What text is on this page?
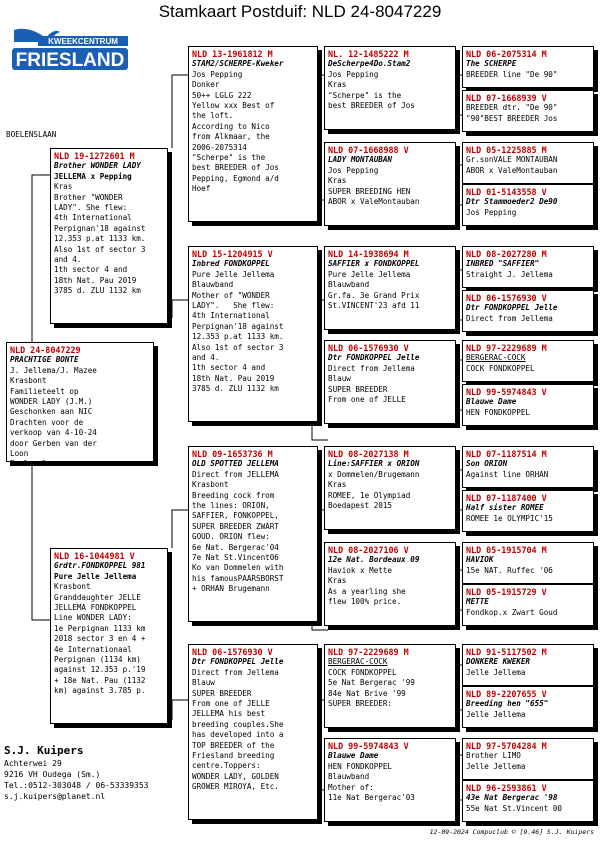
Stamkaart Postduif: NLD 24-8047229
KWEEKCENTRUM
FRIESLAND
BOELENSLAAN
NLD 24-8047229
PRACHTIGE BONTE
J. Jellema/J. Mazee
Krasbont
Familieteelt op
WONDER LADY (J.M.)
Geschonken aan NIC
Drachten voor de
verkoop van 4-10-24
door Gerben van der
Loon
Boelenslaan
NLD 19-1272601 M
Brother WONDER LADY
JELLEMA x Pepping
Kras
Brother "WONDER
LADY". She flew:
4th International
Perpignan'18 against
12.353 p.at 1133 km.
Also 1st of sector 3
and 4.
1th sector 4 and
18th Nat. Pau 2019
3785 d. ZLU 1132 km
NLD 16-1044981 V
Grdtr.FONDKOPPEL 981
Pure Jelle Jellema
Krasbont
Granddaughter JELLE
JELLEMA FONDKOPPEL
Line WONDER LADY:
1e Perpignan 1133 km
2018 sector 3 en 4 +
4e Internationaal
Perpignan (1134 km)
against 12.353 p.'19
+ 18e Nat. Pau (1132
km) against 3.785 p.
NLD 13-1961812 M
STAM2/SCHERPE-Kweker
Jos Pepping
Donker
50++ LGLG 222
Yellow xxx Best of
the loft.
According to Nico
from Alkmaar, the
2006-2075314
"Scherpe" is the
best BREEDER of Jos
Pepping, Egmond a/d
Hoef
NLD 15-1204915 V
Inbred FONDKOPPEL
Pure Jelle Jellema
Blauwband
Mother of "WONDER
LADY".   She flew:
4th International
Perpignan'18 against
12.353 p.at 1133 km.
Also 1st of sector 3
and 4.
1th sector 4 and
18th Nat. Pau 2019
3785 d. ZLU 1132 km
NLD 09-1653736 M
OLD SPOTTED JELLEMA
Direct from JELLEMA
Krasbont
Breeding cock from
the lines: ORION,
SAFFIER, FONKOPPEL,
SUPER BREEDER ZWART
GOUD. ORION flew:
6e Nat. Bergerac'04
7e Nat St.Vincent06
Ko van Dommelen with
his famousPAARSBORST
+ ORHAN Brugemann
NLD 06-1576930 V
Dtr FONDKOPPEL Jelle
Direct from Jellema
Blauw
SUPER BREEDER
From one of JELLE
JELLEMA his best
breeding couples.She
has developed into a
TOP BREEDER of the
Friesland breeding
centre.Toppers:
WONDER LADY, GOLDEN
GROWER MIROYA, Etc.
NL. 12-1485222 M
DeScherpe4Do.Stam2
Jos Pepping
Kras
"Scherpe" is the
best BREEDER of Jos
NLD 07-1668988 V
LADY MONTAUBAN
Jos Pepping
Kras
SUPER BREEDING HEN
ABOR x ValeMontauban
NLD 14-1938694 M
SAFFIER x FONDKOPPEL
Pure Jelle Jellema
Blauwband
Gr.fa. 3e Grand Prix
St.VINCENT'23 afd 11
NLD 06-1576930 V
Dtr FONDKOPPEL Jelle
Direct from Jellema
Blauw
SUPER BREEDER
From one of JELLE
NLD 08-2027138 M
Line:SAFFIER x ORION
x Dommelen/Brugemann
Kras
ROMEE, 1e Olympiad
Boedapest 2015
NLD 08-2027106 V
12e Nat. Bordeaux 09
Haviok x Mette
Kras
As a yearling she
flew 100% price.
NLD 97-2229689 M
BERGERAC-COCK
COCK FONDKOPPEL
5e Nat Bergerac '99
84e Nat Brive '99
SUPER BREEDER:
NLD 99-5974843 V
Blauwe Dame
HEN FONDKOPPEL
Blauwband
Mother of:
11e Nat Bergerac'03
NLD 06-2075314 M
The SCHERPE
BREEDER line "De 90"
NLD 07-1668939 V
BREEDER dtr. "De 90"
"90"BEST BREEDER Jos
NLD 05-1225885 M
Gr.sonVALE MONTAUBAN
ABOR x ValeMontauban
NLD 01-5143558 V
Dtr Stammoeder2 De90
Jos Pepping
NLD 08-2027280 M
INBRED "SAFFIER"
Straight J. Jellema
NLD 06-1576930 V
Dtr FONDKOPPEL Jelle
Direct from Jellema
NLD 97-2229689 M
BERGERAC-COCK
COCK FONDKOPPEL
NLD 99-5974843 V
Blauwe Dame
HEN FONDKOPPEL
NLD 07-1187514 M
Son ORION
Against line ORHAN
NLD 07-1187400 V
Half sister ROMEE
ROMEE 1e OLYMPIC'15
NLD 05-1915704 M
HAVIOK
15e NAT. Ruffec '06
NLD 05-1915729 V
METTE
Fondkop.x Zwart Goud
NLD 91-5117502 M
DONKERE KWEKER
Jelle Jellema
NLD 89-2207655 V
Breeding hen "655"
Jelle Jellema
NLD 97-5704284 M
Brother LIMO
Jelle Jellema
NLD 96-2593861 V
43e Nat Bergerac '98
55e Nat St.Vincent 00
S.J. Kuipers
Achterwei 29
9216 VH Oudega (Sm.)
Tel.:0512-303048 / 06-53339353
s.j.kuipers@planet.nl
12-09-2024 Compuclub © [9.46] S.J. Kuipers
